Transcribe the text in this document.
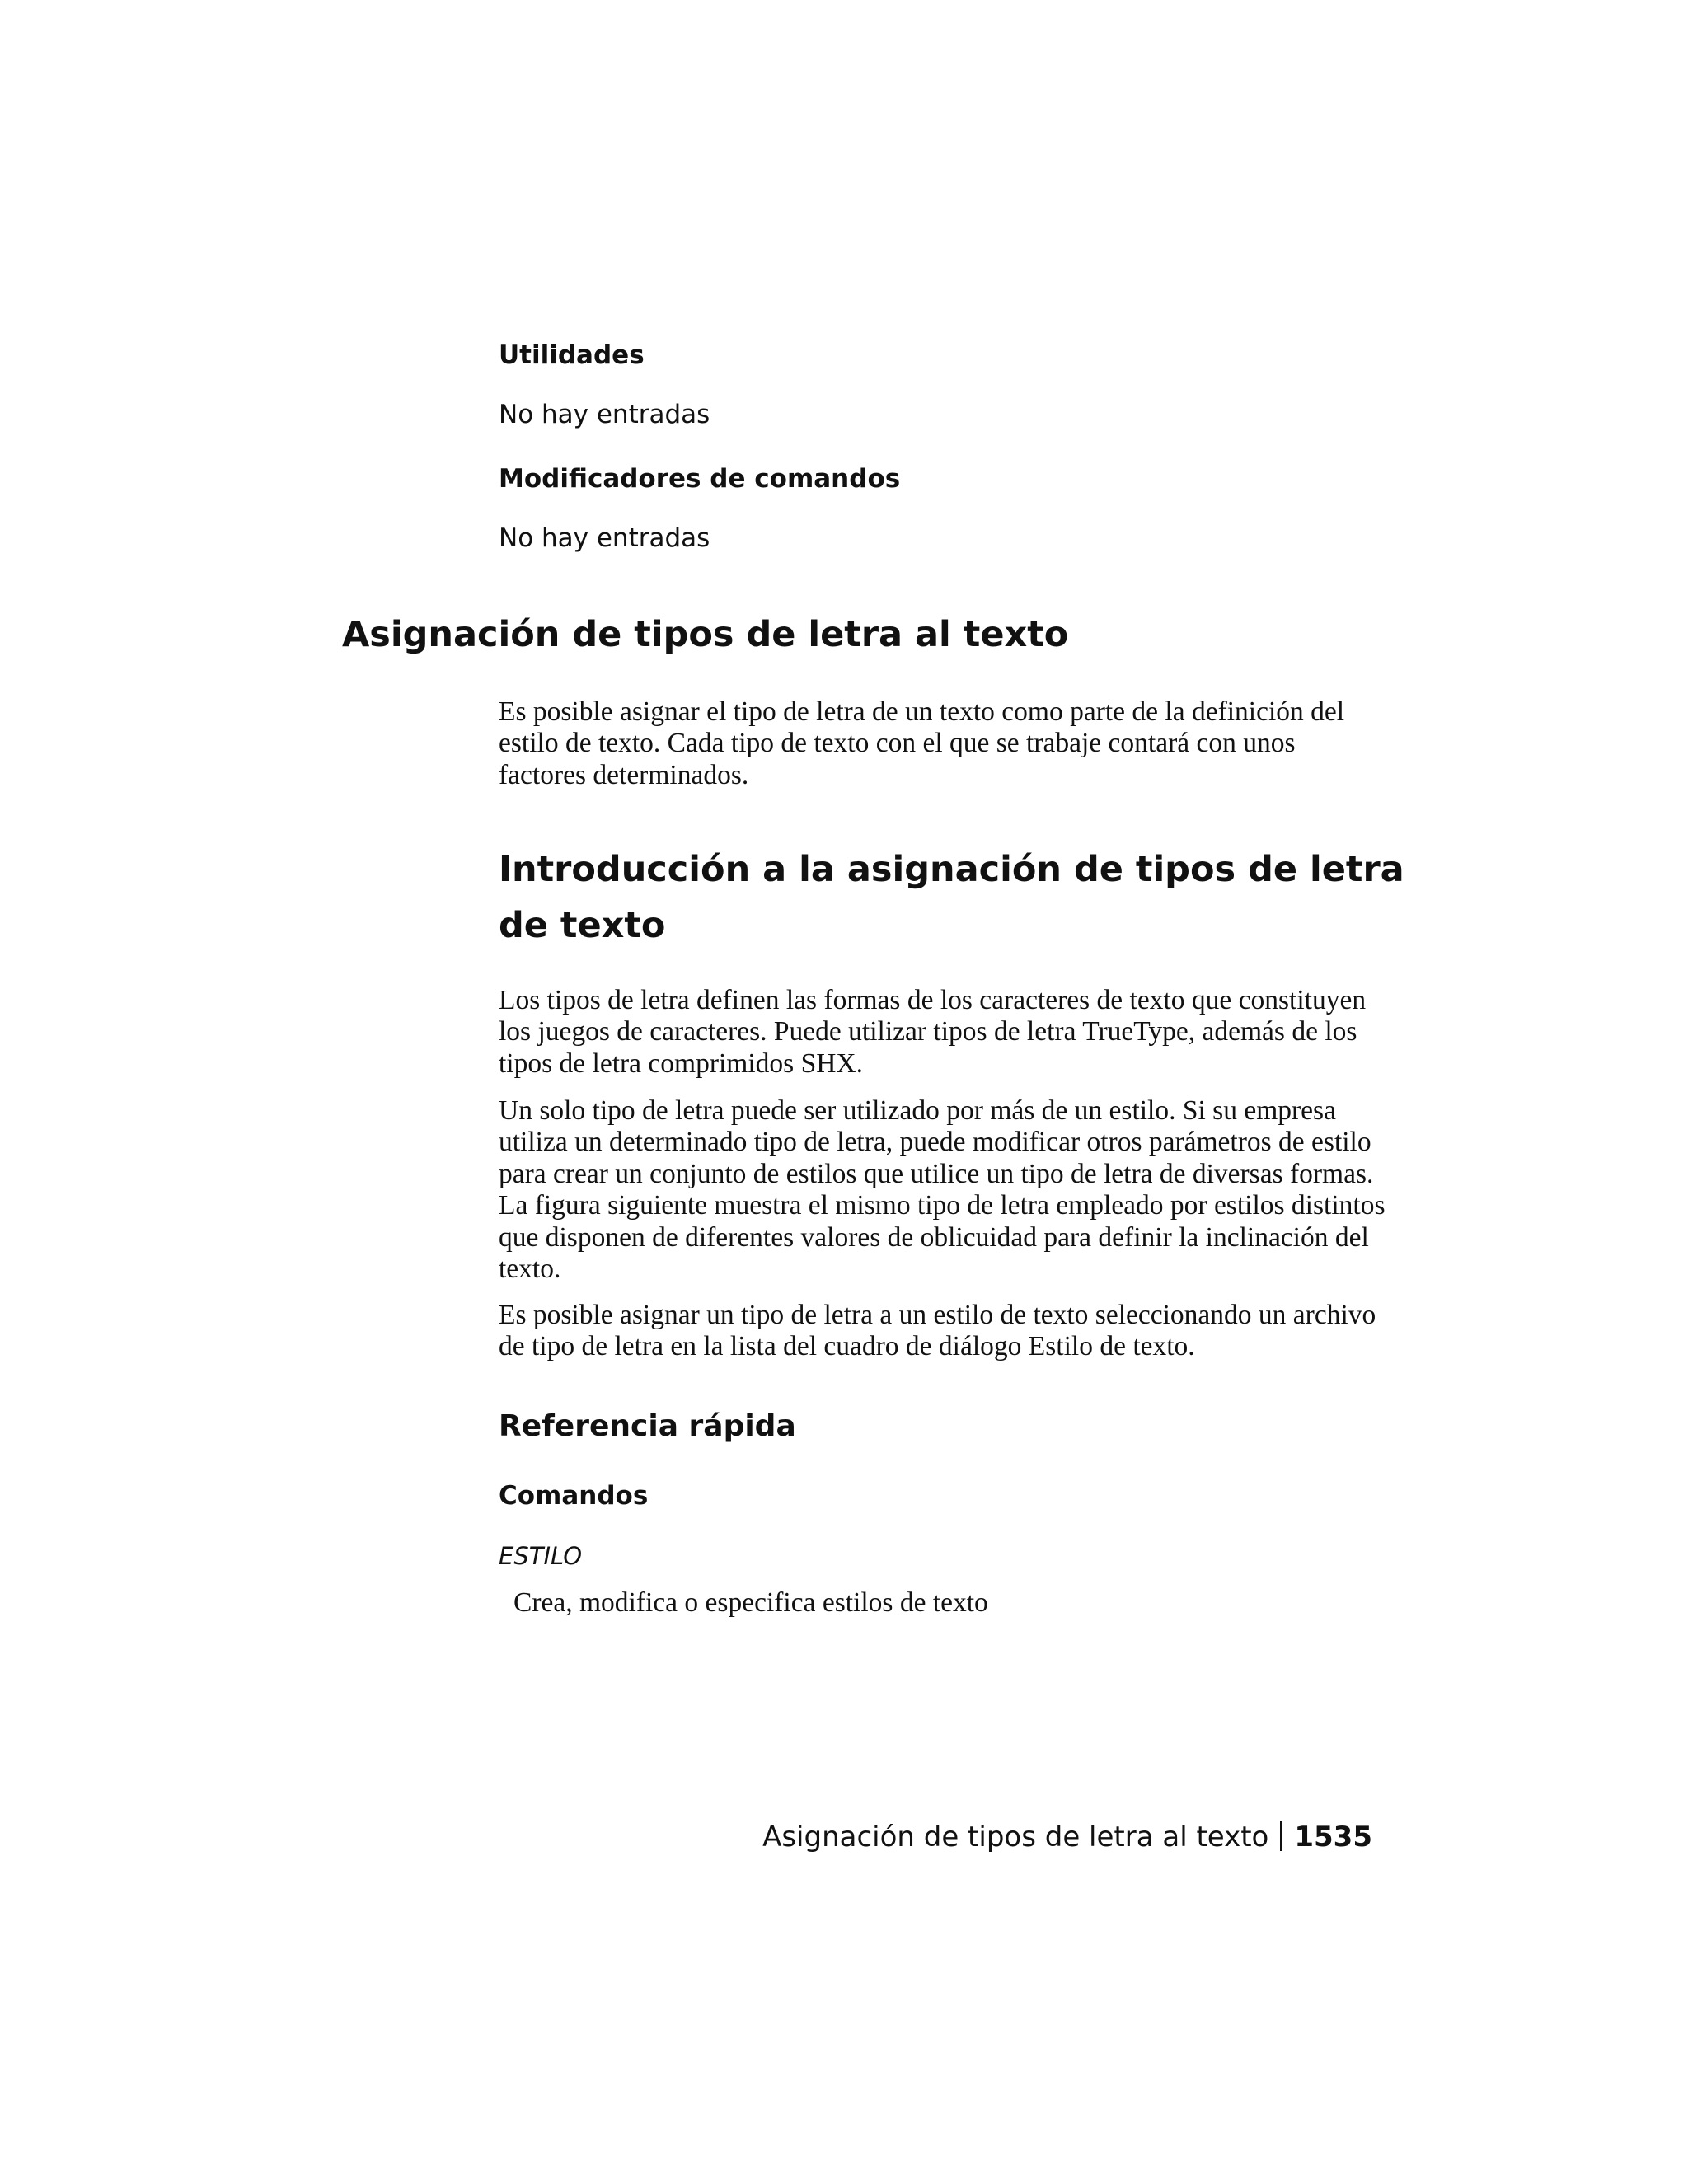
Utilidades

No hay entradas

Modificadores de comandos

No hay entradas

Asignación de tipos de letra al texto

Es posible asignar el tipo de letra de un texto como parte de la definición del estilo de texto. Cada tipo de texto con el que se trabaje contará con unos factores determinados.

Introducción a la asignación de tipos de letra de texto

Los tipos de letra definen las formas de los caracteres de texto que constituyen los juegos de caracteres. Puede utilizar tipos de letra TrueType, además de los tipos de letra comprimidos SHX.

Un solo tipo de letra puede ser utilizado por más de un estilo. Si su empresa utiliza un determinado tipo de letra, puede modificar otros parámetros de estilo para crear un conjunto de estilos que utilice un tipo de letra de diversas formas. La figura siguiente muestra el mismo tipo de letra empleado por estilos distintos que disponen de diferentes valores de oblicuidad para definir la inclinación del texto.

Es posible asignar un tipo de letra a un estilo de texto seleccionando un archivo de tipo de letra en la lista del cuadro de diálogo Estilo de texto.

Referencia rápida

Comandos

ESTILO

Crea, modifica o especifica estilos de texto

Asignación de tipos de letra al texto 1535
